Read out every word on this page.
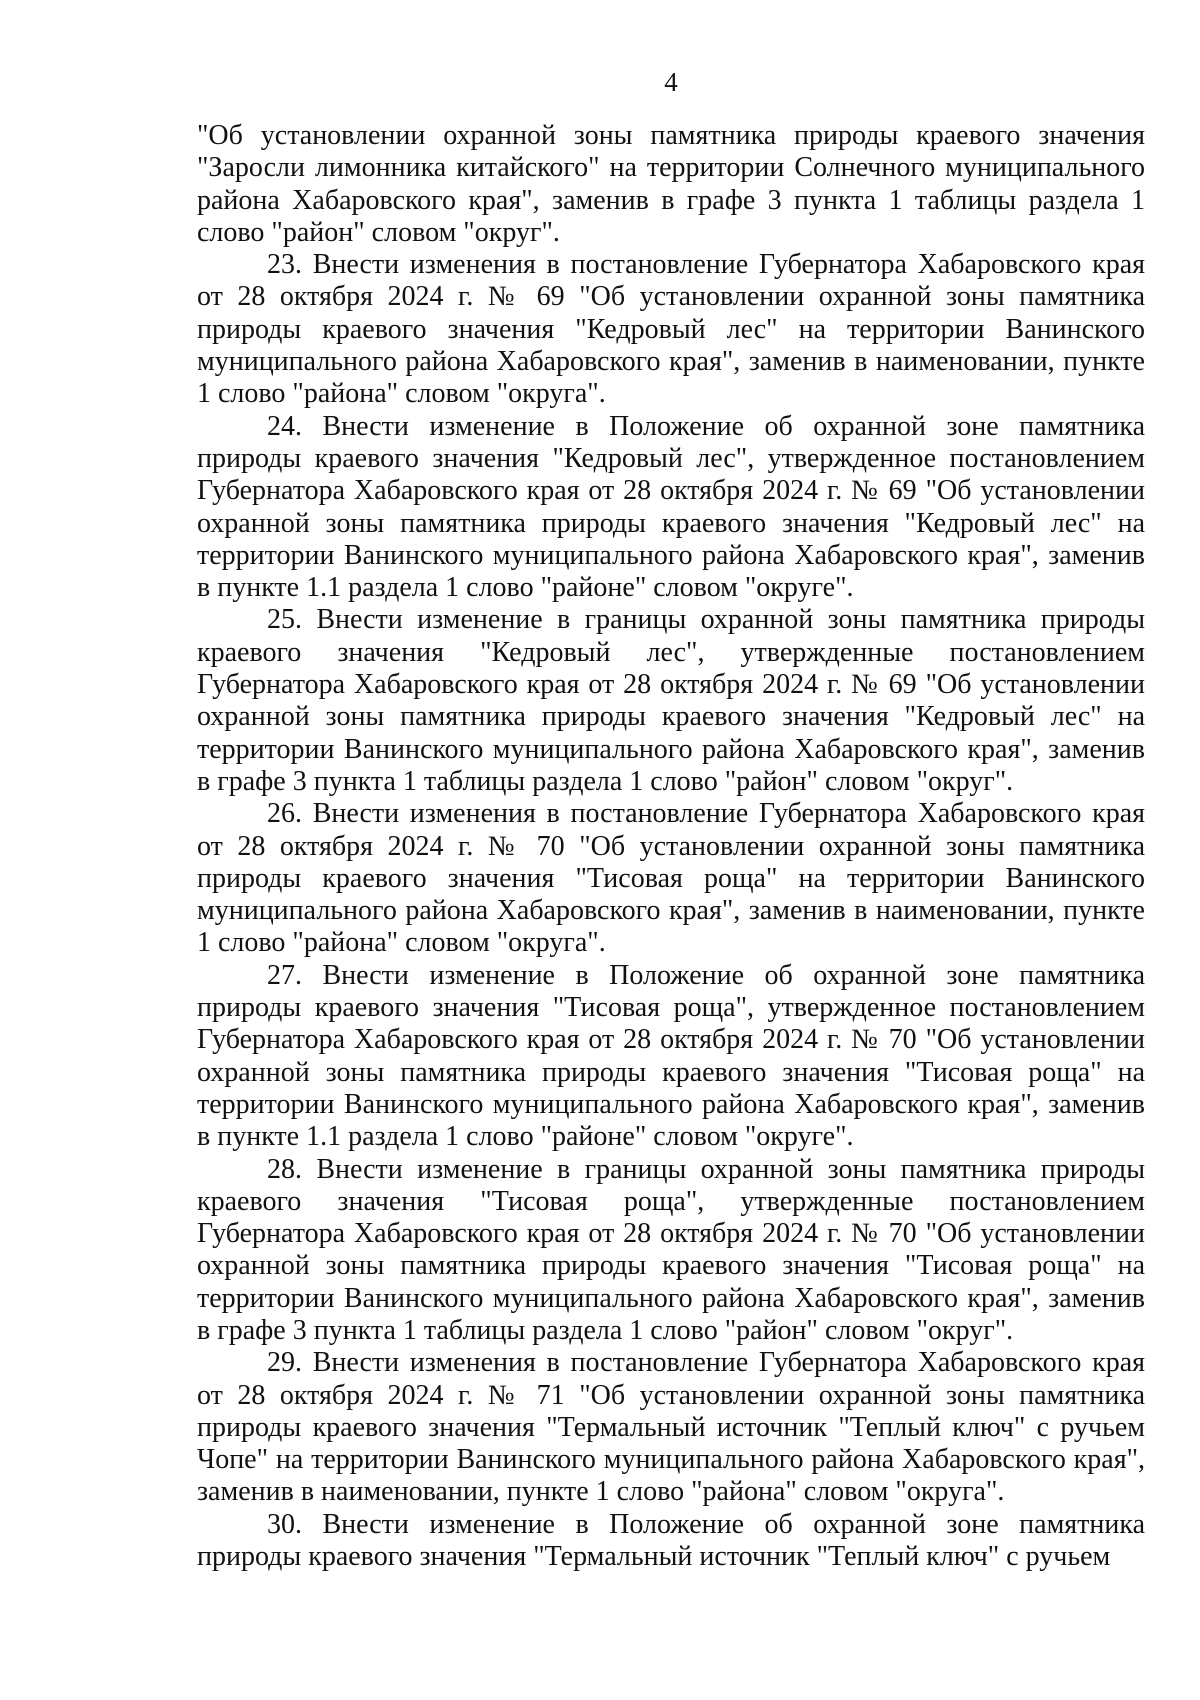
4

"Об установлении охранной зоны памятника природы краевого значения "Заросли лимонника китайского" на территории Солнечного муниципального района Хабаровского края", заменив в графе 3 пункта 1 таблицы раздела 1 слово "район" словом "округ".

23. Внести изменения в постановление Губернатора Хабаровского края от 28 октября 2024 г. № 69 "Об установлении охранной зоны памятника природы краевого значения "Кедровый лес" на территории Ванинского муниципального района Хабаровского края", заменив в наименовании, пункте 1 слово "района" словом "округа".

24. Внести изменение в Положение об охранной зоне памятника природы краевого значения "Кедровый лес", утвержденное постановлением Губернатора Хабаровского края от 28 октября 2024 г. № 69 "Об установлении охранной зоны памятника природы краевого значения "Кедровый лес" на территории Ванинского муниципального района Хабаровского края", заменив в пункте 1.1 раздела 1 слово "районе" словом "округе".

25. Внести изменение в границы охранной зоны памятника природы краевого значения "Кедровый лес", утвержденные постановлением Губернатора Хабаровского края от 28 октября 2024 г. № 69 "Об установлении охранной зоны памятника природы краевого значения "Кедровый лес" на территории Ванинского муниципального района Хабаровского края", заменив в графе 3 пункта 1 таблицы раздела 1 слово "район" словом "округ".

26. Внести изменения в постановление Губернатора Хабаровского края от 28 октября 2024 г. № 70 "Об установлении охранной зоны памятника природы краевого значения "Тисовая роща" на территории Ванинского муниципального района Хабаровского края", заменив в наименовании, пункте 1 слово "района" словом "округа".

27. Внести изменение в Положение об охранной зоне памятника природы краевого значения "Тисовая роща", утвержденное постановлением Губернатора Хабаровского края от 28 октября 2024 г. № 70 "Об установлении охранной зоны памятника природы краевого значения "Тисовая роща" на территории Ванинского муниципального района Хабаровского края", заменив в пункте 1.1 раздела 1 слово "районе" словом "округе".

28. Внести изменение в границы охранной зоны памятника природы краевого значения "Тисовая роща", утвержденные постановлением Губернатора Хабаровского края от 28 октября 2024 г. № 70 "Об установлении охранной зоны памятника природы краевого значения "Тисовая роща" на территории Ванинского муниципального района Хабаровского края", заменив в графе 3 пункта 1 таблицы раздела 1 слово "район" словом "округ".

29. Внести изменения в постановление Губернатора Хабаровского края от 28 октября 2024 г. № 71 "Об установлении охранной зоны памятника природы краевого значения "Термальный источник "Теплый ключ" с ручьем Чопе" на территории Ванинского муниципального района Хабаровского края", заменив в наименовании, пункте 1 слово "района" словом "округа".

30. Внести изменение в Положение об охранной зоне памятника природы краевого значения "Термальный источник "Теплый ключ" с ручьем
